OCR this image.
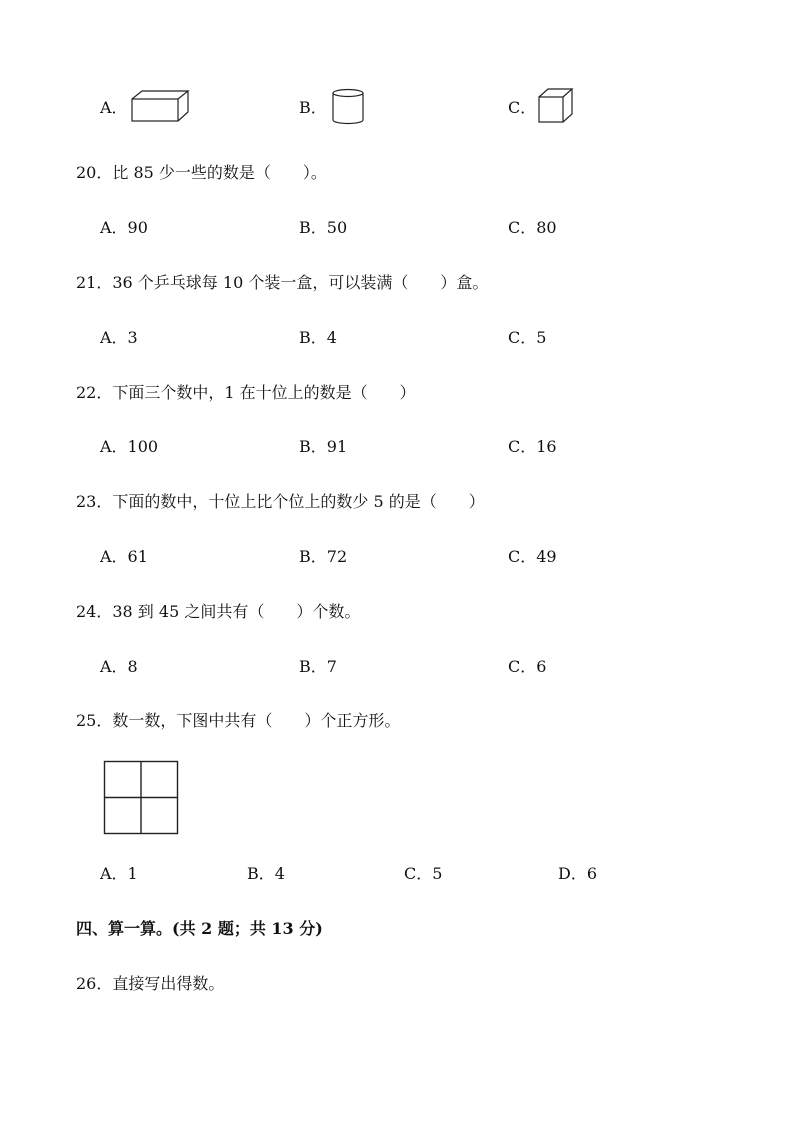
A．	B．	C．
20．比 85 少一些的数是（　　）。
A．90	B．50	C．80
21．36 个乒乓球每 10 个装一盒，可以装满（　　）盒。
A．3	B．4	C．5
22．下面三个数中，1 在十位上的数是（　　）
A．100	B．91	C．16
23．下面的数中，十位上比个位上的数少 5 的是（　　）
A．61	B．72	C．49
24．38 到 45 之间共有（　　）个数。
A．8	B．7	C．6
25．数一数，下图中共有（　　）个正方形。
A．1	B．4	C．5	D．6
四、算一算。(共 2 题；共 13 分)
26．直接写出得数。
